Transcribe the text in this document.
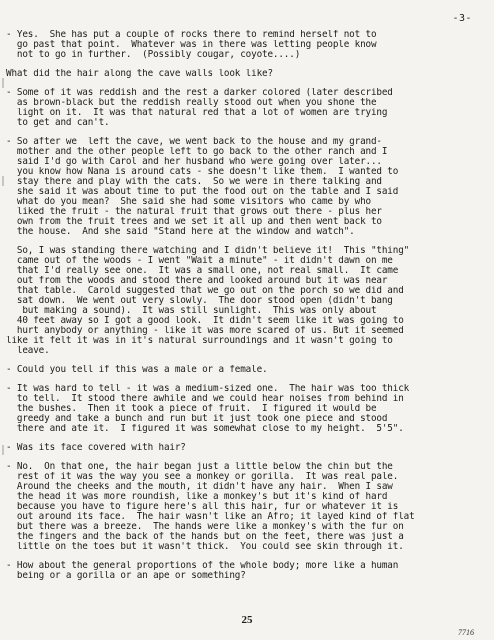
-3-
- Yes.  She has put a couple of rocks there to remind herself not to
go past that point.  Whatever was in there was letting people know
not to go in further.  (Possibly cougar, coyote....)
What did the hair along the cave walls look like?
- Some of it was reddish and the rest a darker colored (later described
as brown-black but the reddish really stood out when you shone the
light on it.  It was that natural red that a lot of women are trying
to get and can't.
- So after we  left the cave, we went back to the house and my grand-
mother and the other people left to go back to the other ranch and I
said I'd go with Carol and her husband who were going over later...
you know how Nana is around cats - she doesn't like them.  I wanted to
stay there and play with the cats.  So we were in there talking and
she said it was about time to put the food out on the table and I said
what do you mean?  She said she had some visitors who came by who
liked the fruit - the natural fruit that grows out there - plus her
own from the fruit trees and we set it all up and then went back to
the house.  And she said "Stand here at the window and watch".
So, I was standing there watching and I didn't believe it!  This "thing"
came out of the woods - I went "Wait a minute" - it didn't dawn on me
that I'd really see one.  It was a small one, not real small.  It came
out from the woods and stood there and looked around but it was near
that table.  Carold suggested that we go out on the porch so we did and
sat down.  We went out very slowly.  The door stood open (didn't bang
but making a sound).  It was still sunlight.  This was only about
40 feet away so I got a good look.  It didn't seem like it was going to
hurt anybody or anything - like it was more scared of us. But it seemed
like it felt it was in it's natural surroundings and it wasn't going to
leave.
- Could you tell if this was a male or a female.
- It was hard to tell - it was a medium-sized one.  The hair was too thick
to tell.  It stood there awhile and we could hear noises from behind in
the bushes.  Then it took a piece of fruit.  I figured it would be
greedy and take a bunch and run but it just took one piece and stood
there and ate it.  I figured it was somewhat close to my height.  5'5".
- Was its face covered with hair?
- No.  On that one, the hair began just a little below the chin but the
rest of it was the way you see a monkey or gorilla.  It was real pale.
Around the cheeks and the mouth, it didn't have any hair.  When I saw
the head it was more roundish, like a monkey's but it's kind of hard
because you have to figure here's all this hair, fur or whatever it is
out around its face.  The hair wasn't like an Afro; it layed kind of flat
but there was a breeze.  The hands were like a monkey's with the fur on
the fingers and the back of the hands but on the feet, there was just a
little on the toes but it wasn't thick.  You could see skin through it.
- How about the general proportions of the whole body; more like a human
being or a gorilla or an ape or something?
25
7716
